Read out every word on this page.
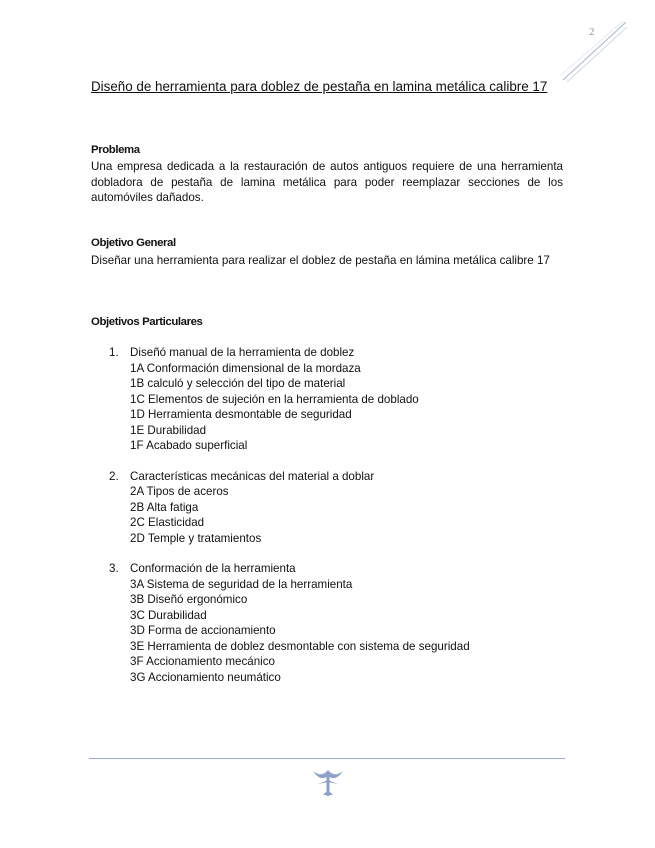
2
Diseño de herramienta para doblez de pestaña en lamina metálica calibre 17
Problema
Una empresa dedicada a la restauración de autos antiguos requiere de una herramienta dobladora de pestaña de lamina metálica para poder reemplazar secciones de los automóviles dañados.
Objetivo General
Diseñar una herramienta para realizar el doblez de pestaña en lámina metálica calibre 17
Objetivos Particulares
1. Diseñó manual de la herramienta de doblez
1A Conformación dimensional de la mordaza
1B calculó y selección del tipo de material
1C Elementos de sujeción en la herramienta de doblado
1D Herramienta desmontable de seguridad
1E Durabilidad
1F Acabado superficial
2. Características mecánicas del material a doblar
2A Tipos de aceros
2B Alta fatiga
2C Elasticidad
2D Temple y tratamientos
3. Conformación de la herramienta
3A Sistema de seguridad de la herramienta
3B Diseñó ergonómico
3C Durabilidad
3D Forma de accionamiento
3E Herramienta de doblez desmontable con sistema de seguridad
3F Accionamiento mecánico
3G Accionamiento neumático
